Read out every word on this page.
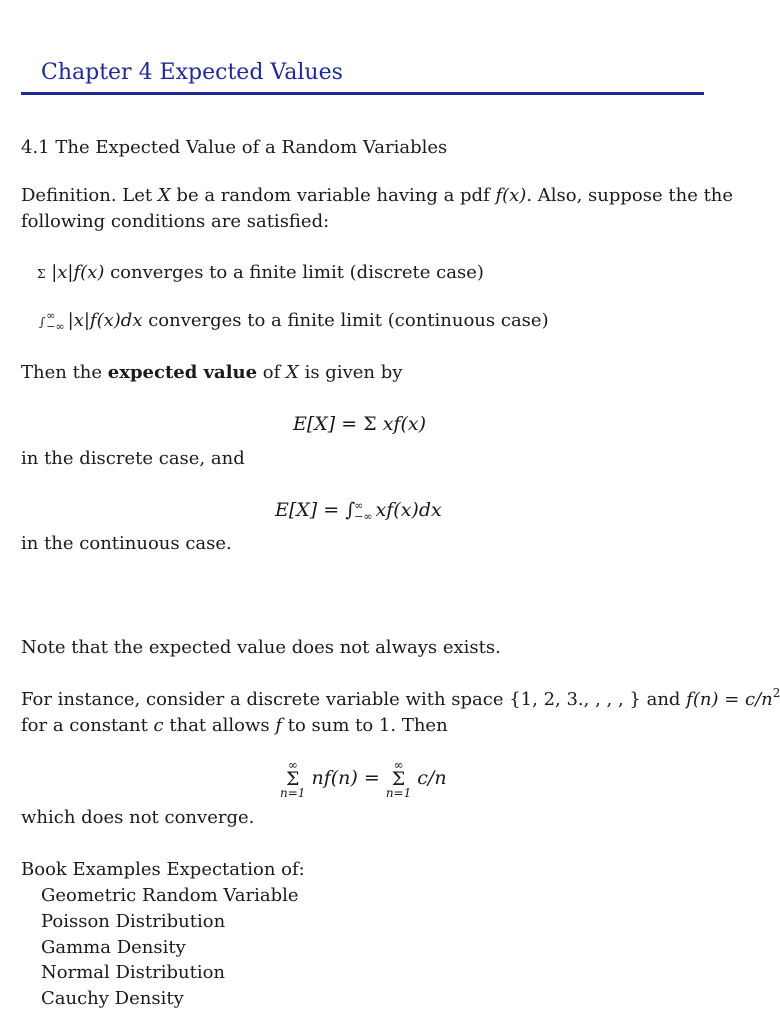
Chapter 4 Expected Values
4.1 The Expected Value of a Random Variables
Definition. Let X be a random variable having a pdf f(x). Also, suppose the the
following conditions are satisfied:
Σ |x|f(x) converges to a finite limit (discrete case)
∫ ∞
−∞ |x|f(x)dx converges to a finite limit (continuous case)
Then the expected value of X is given by
E[X] = Σ xf(x)
in the discrete case, and
E[X] = ∫ ∞
−∞ xf(x)dx
in the continuous case.
Note that the expected value does not always exists.
For instance, consider a discrete variable with space {1, 2, 3., , , , } and $f(n) = c/n^2$
for a constant c that allows f to sum to 1. Then
∞
Σ
n=1
nf(n) =
∞
Σ
n=1
c/n
which does not converge.
Book Examples Expectation of:
Geometric Random Variable
Poisson Distribution
Gamma Density
Normal Distribution
Cauchy Density
